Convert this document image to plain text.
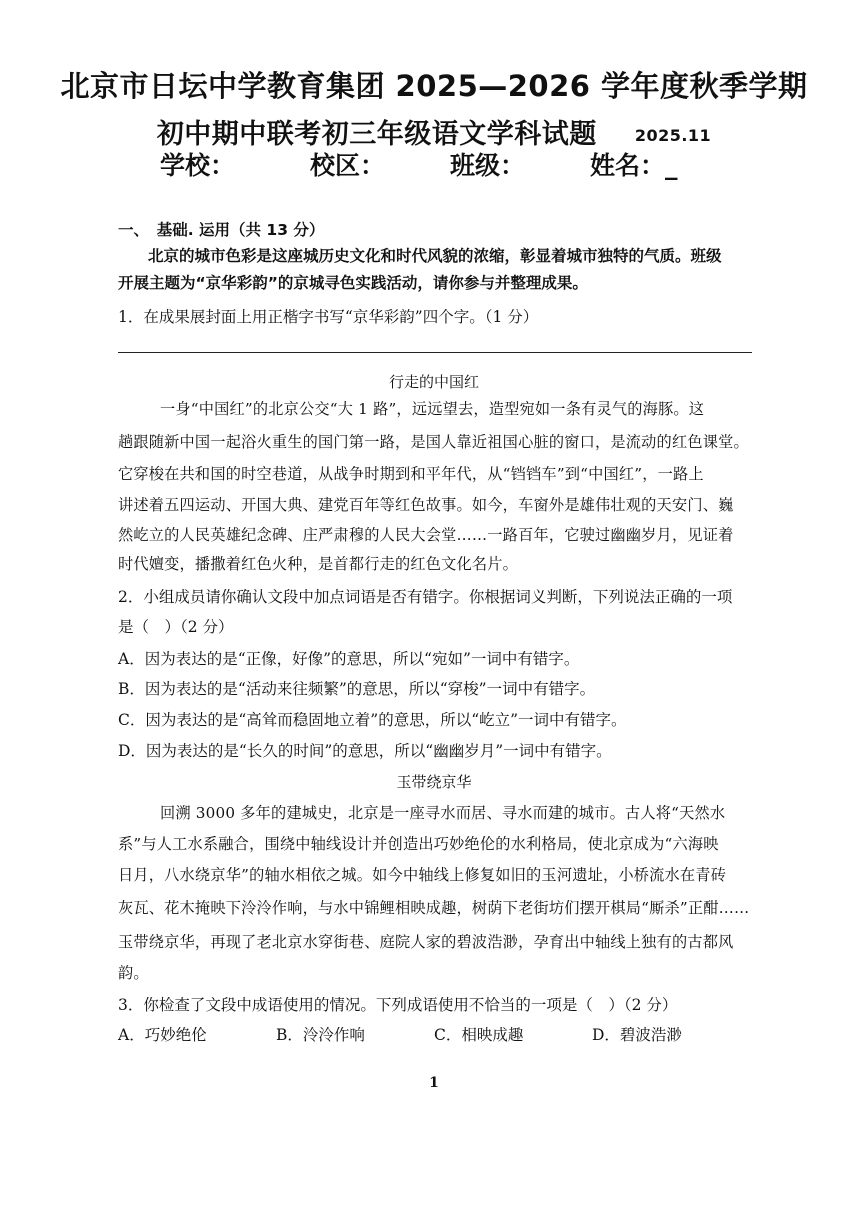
北京市日坛中学教育集团 2025—2026 学年度秋季学期
初中期中联考初三年级语文学科试题 2025.11
学校：	校区：	班级：	姓名：_
一、　基础. 运用（共 13 分）
北京的城市色彩是这座城历史文化和时代风貌的浓缩，彰显着城市独特的气质。班级
开展主题为“京华彩韵”的京城寻色实践活动，请你参与并整理成果。
1．在成果展封面上用正楷字书写“京华彩韵”四个字。（1 分）
行走的中国红
一身“中国红”的北京公交“大 1 路”，远远望去，造型宛如一条有灵气的海豚。这
趟跟随新中国一起浴火重生的国门第一路，是国人靠近祖国心脏的窗口，是流动的红色课堂。
它穿梭在共和国的时空巷道，从战争时期到和平年代，从“铛铛车”到“中国红”，一路上
讲述着五四运动、开国大典、建党百年等红色故事。如今，车窗外是雄伟壮观的天安门、巍
然屹立的人民英雄纪念碑、庄严肃穆的人民大会堂……一路百年，它驶过幽幽岁月，见证着
时代嬗变，播撒着红色火种，是首都行走的红色文化名片。
2．小组成员请你确认文段中加点词语是否有错字。你根据词义判断，下列说法正确的一项
是（　）（2 分）
A．因为表达的是“正像，好像”的意思，所以“宛如”一词中有错字。
B．因为表达的是“活动来往频繁”的意思，所以“穿梭”一词中有错字。
C．因为表达的是“高耸而稳固地立着”的意思，所以“屹立”一词中有错字。
D．因为表达的是“长久的时间”的意思，所以“幽幽岁月”一词中有错字。
玉带绕京华
回溯 3000 多年的建城史，北京是一座寻水而居、寻水而建的城市。古人将“天然水
系”与人工水系融合，围绕中轴线设计并创造出巧妙绝伦的水利格局，使北京成为“六海映
日月，八水绕京华”的轴水相依之城。如今中轴线上修复如旧的玉河遗址，小桥流水在青砖
灰瓦、花木掩映下泠泠作响，与水中锦鲤相映成趣，树荫下老街坊们摆开棋局“厮杀”正酣……
玉带绕京华，再现了老北京水穿街巷、庭院人家的碧波浩渺，孕育出中轴线上独有的古都风
韵。
3．你检查了文段中成语使用的情况。下列成语使用不恰当的一项是（　）（2 分）
A．巧妙绝伦	B．泠泠作响	C．相映成趣	D．碧波浩渺
1
